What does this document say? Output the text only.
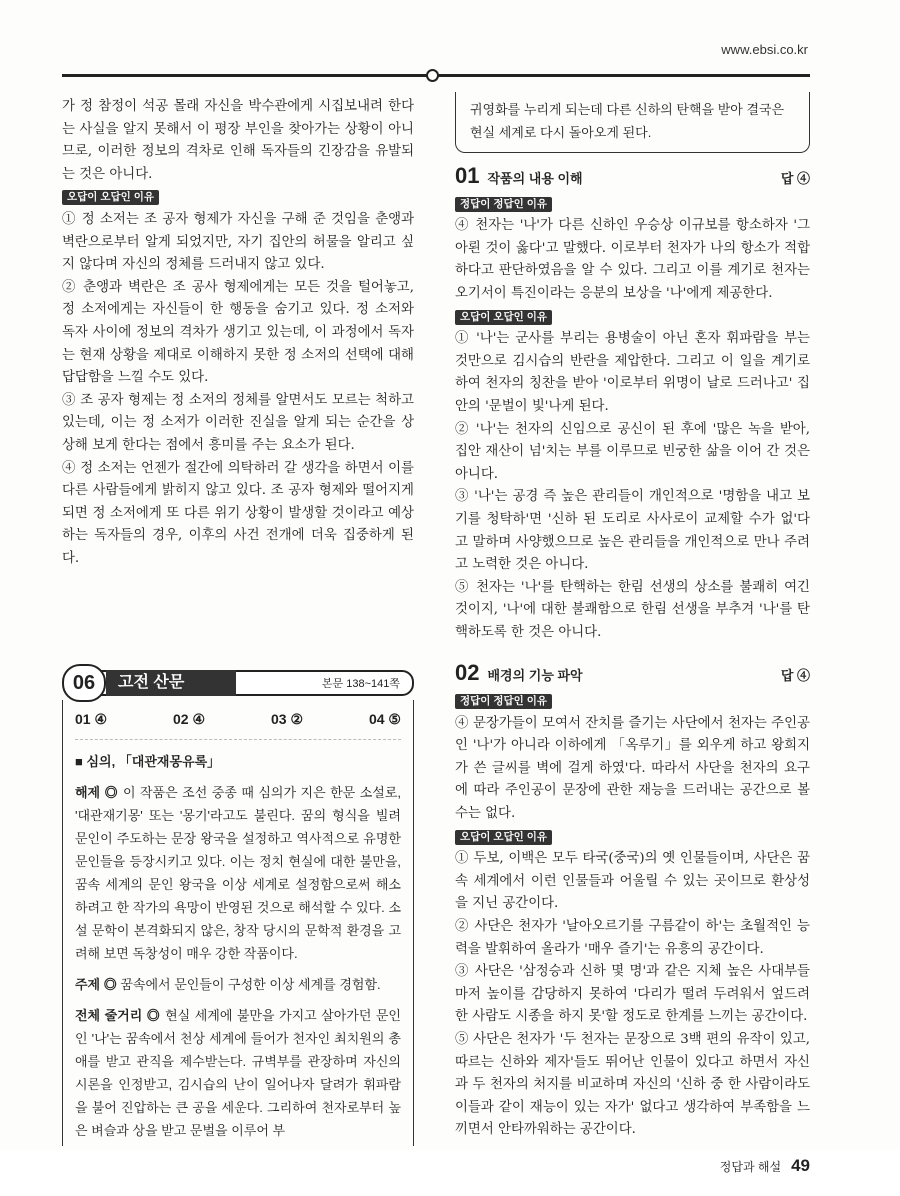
www.ebsi.co.kr

가 정 참정이 석공 몰래 자신을 박수관에게 시집보내려 한다는 사실을 알지 못해서 이 평장 부인을 찾아가는 상황이 아니므로, 이러한 정보의 격차로 인해 독자들의 긴장감을 유발되는 것은 아니다.

오답이 오답인 이유

① 정 소저는 조 공자 형제가 자신을 구해 준 것임을 춘앵과 벽란으로부터 알게 되었지만, 자기 집안의 허물을 알리고 싶지 않다며 자신의 정체를 드러내지 않고 있다.

② 춘앵과 벽란은 조 공사 형제에게는 모든 것을 털어놓고, 정 소저에게는 자신들이 한 행동을 숨기고 있다. 정 소저와 독자 사이에 정보의 격차가 생기고 있는데, 이 과정에서 독자는 현재 상황을 제대로 이해하지 못한 정 소저의 선택에 대해 답답함을 느낄 수도 있다.

③ 조 공자 형제는 정 소저의 정체를 알면서도 모르는 척하고 있는데, 이는 정 소저가 이러한 진실을 알게 되는 순간을 상상해 보게 한다는 점에서 흥미를 주는 요소가 된다.

④ 정 소저는 언젠가 절간에 의탁하러 갈 생각을 하면서 이를 다른 사람들에게 밝히지 않고 있다. 조 공자 형제와 떨어지게 되면 정 소저에게 또 다른 위기 상황이 발생할 것이라고 예상하는 독자들의 경우, 이후의 사건 전개에 더욱 집중하게 된다.

06	고전 산문	본문 138~141쪽
01 ④	02 ④	03 ②	04 ⑤

■ 심의, 「대관재몽유록」

해제 ◎ 이 작품은 조선 중종 때 심의가 지은 한문 소설로, '대관재기몽' 또는 '몽기'라고도 불린다. 꿈의 형식을 빌려 문인이 주도하는 문장 왕국을 설정하고 역사적으로 유명한 문인들을 등장시키고 있다. 이는 정치 현실에 대한 불만을, 꿈속 세계의 문인 왕국을 이상 세계로 설정함으로써 해소하려고 한 작가의 욕망이 반영된 것으로 해석할 수 있다. 소설 문학이 본격화되지 않은, 창작 당시의 문학적 환경을 고려해 보면 독창성이 매우 강한 작품이다.

주제 ◎ 꿈속에서 문인들이 구성한 이상 세계를 경험함.

전체 줄거리 ◎ 현실 세계에 불만을 가지고 살아가던 문인인 '나'는 꿈속에서 천상 세계에 들어가 천자인 최치원의 총애를 받고 관직을 제수받는다. 규벽부를 관장하며 자신의 시론을 인정받고, 김시습의 난이 일어나자 달려가 휘파람을 불어 진압하는 큰 공을 세운다. 그리하여 천자로부터 높은 벼슬과 상을 받고 문벌을 이루어 부

귀영화를 누리게 되는데 다른 신하의 탄핵을 받아 결국은 현실 세계로 다시 돌아오게 된다.
01 작품의 내용 이해	답 ④
정답이 정답인 이유

④ 천자는 '나'가 다른 신하인 우승상 이규보를 항소하자 '그 아뢴 것이 옳다'고 말했다. 이로부터 천자가 나의 항소가 적합하다고 판단하였음을 알 수 있다. 그리고 이를 계기로 천자는 오기서이 특진이라는 응분의 보상을 '나'에게 제공한다.

오답이 오답인 이유

① '나'는 군사를 부리는 용병술이 아닌 혼자 휘파람을 부는 것만으로 김시습의 반란을 제압한다. 그리고 이 일을 계기로 하여 천자의 칭찬을 받아 '이로부터 위명이 날로 드러나고' 집안의 '문벌이 빛'나게 된다.

② '나'는 천자의 신임으로 공신이 된 후에 '많은 녹을 받아, 집안 재산이 넘'치는 부를 이루므로 빈궁한 삶을 이어 간 것은 아니다.

③ '나'는 공경 즉 높은 관리들이 개인적으로 '명함을 내고 보기를 청탁하'면 '신하 된 도리로 사사로이 교제할 수가 없'다고 말하며 사양했으므로 높은 관리들을 개인적으로 만나 주려고 노력한 것은 아니다.

⑤ 천자는 '나'를 탄핵하는 한림 선생의 상소를 불쾌히 여긴 것이지, '나'에 대한 불쾌함으로 한림 선생을 부추겨 '나'를 탄핵하도록 한 것은 아니다.

02 배경의 기능 파악	답 ④
정답이 정답인 이유

④ 문장가들이 모여서 잔치를 즐기는 사단에서 천자는 주인공인 '나'가 아니라 이하에게 「옥루기」를 외우게 하고 왕희지가 쓴 글씨를 벽에 걸게 하였'다. 따라서 사단을 천자의 요구에 따라 주인공이 문장에 관한 재능을 드러내는 공간으로 볼 수는 없다.

오답이 오답인 이유

① 두보, 이백은 모두 타국(중국)의 옛 인물들이며, 사단은 꿈속 세계에서 이런 인물들과 어울릴 수 있는 곳이므로 환상성을 지닌 공간이다.

② 사단은 천자가 '날아오르기를 구름같이 하'는 초월적인 능력을 발휘하여 올라가 '매우 즐기'는 유흥의 공간이다.

③ 사단은 '삼정승과 신하 몇 명'과 같은 지체 높은 사대부들마저 높이를 감당하지 못하여 '다리가 떨려 두려워서 엎드려 한 사람도 시종을 하지 못'할 정도로 한계를 느끼는 공간이다.

⑤ 사단은 천자가 '두 천자는 문장으로 3백 편의 유작이 있고, 따르는 신하와 제자'들도 뛰어난 인물이 있다고 하면서 자신과 두 천자의 처지를 비교하며 자신의 '신하 중 한 사람이라도 이들과 같이 재능이 있는 자가' 없다고 생각하여 부족함을 느끼면서 안타까워하는 공간이다.

정답과 해설 49
